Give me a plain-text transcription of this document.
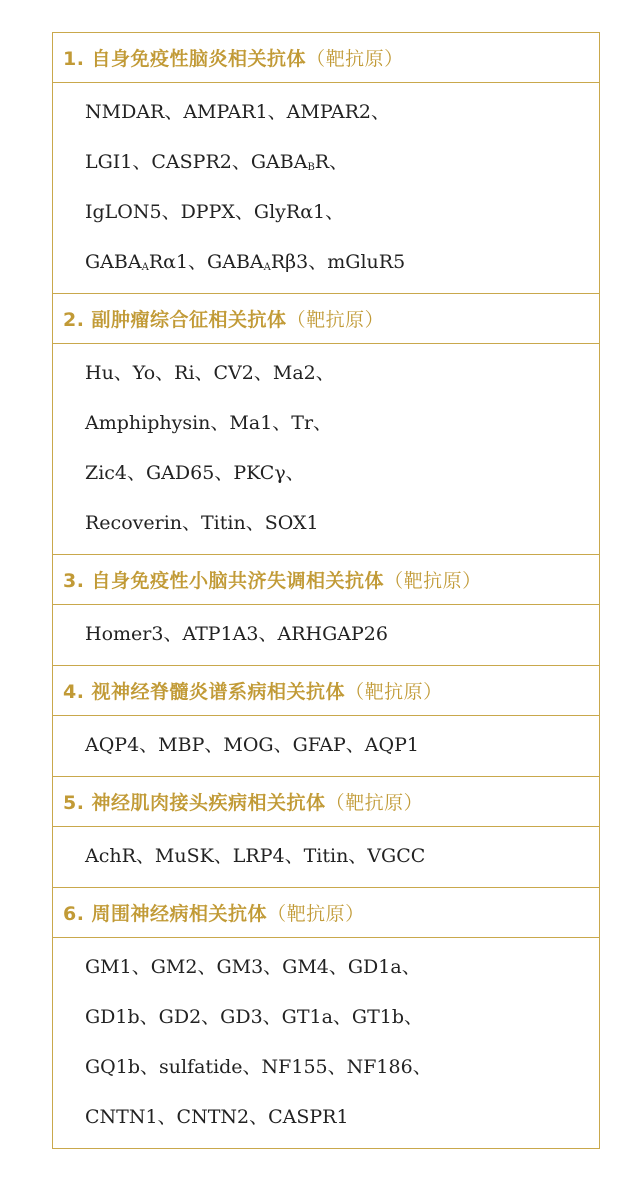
1. 自身免疫性脑炎相关抗体 （靶抗原）
NMDAR、AMPAR1、AMPAR2、
LGI1、CASPR2、$GABA_BR$、
IgLON5、DPPX、GlyRα1、
$GABA_AR\alpha 1$、$GABA_AR\beta 3$、mGluR5
2. 副肿瘤综合征相关抗体 （靶抗原）
Hu、Yo、Ri、CV2、Ma2、
Amphiphysin、Ma1、Tr、
Zic4、GAD65、PKCγ、
Recoverin、Titin、SOX1
3. 自身免疫性小脑共济失调相关抗体 （靶抗原）
Homer3、ATP1A3、ARHGAP26
4. 视神经脊髓炎谱系病相关抗体 （靶抗原）
AQP4、MBP、MOG、GFAP、AQP1
5. 神经肌肉接头疾病相关抗体 （靶抗原）
AchR、MuSK、LRP4、Titin、VGCC
6. 周围神经病相关抗体 （靶抗原）
GM1、GM2、GM3、GM4、GD1a、
GD1b、GD2、GD3、GT1a、GT1b、
GQ1b、sulfatide、NF155、NF186、
CNTN1、CNTN2、CASPR1
